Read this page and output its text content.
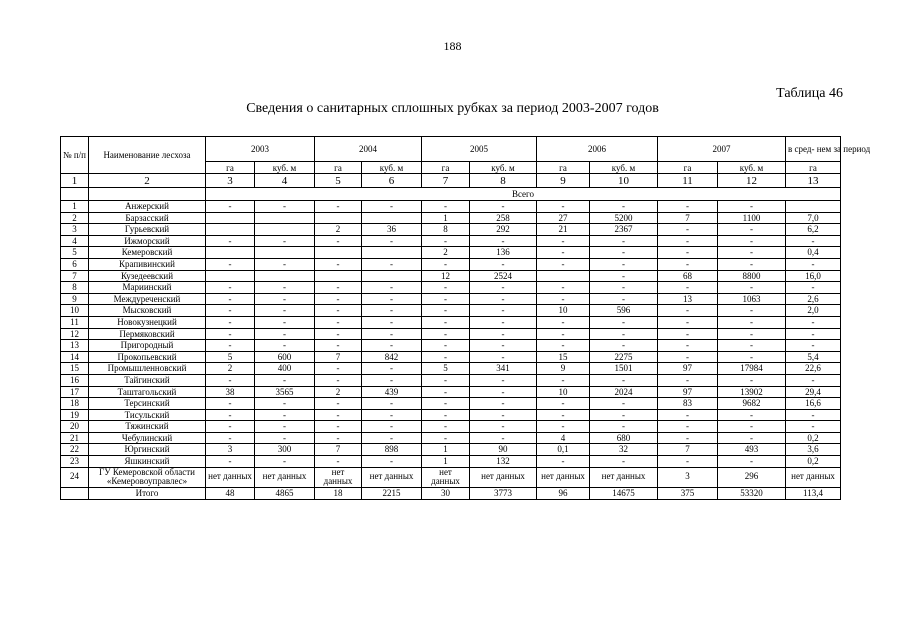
188
Таблица 46
Сведения о санитарных сплошных рубках за период 2003-2007 годов
№ п/п	Наименование лесхоза	2003		2004		2005		2006		2007		в сред- нем за период
		га	куб. м	га	куб. м	га	куб. м	га	куб. м	га	куб. м	га
1	2	3	4	5	6	7	8	9	10	11	12	13
		Всего										
1	Анжерский	-	-	-	-	-	-	-	-	-	-	
2	Барзасский					1	258	27	5200	7	1100	7,0
3	Гурьевский			2	36	8	292	21	2367	-	-	6,2
4	Ижморский	-	-	-	-	-	-	-	-	-	-	-
5	Кемеровский					2	136	-	-	-	-	0,4
6	Крапивинский	-	-	-	-	-	-	-	-	-	-	-
7	Кузедеевский					12	2524		-	68	8800	16,0
8	Мариинский	-	-	-	-	-	-	-	-	-	-	-
9	Междуреченский	-	-	-	-	-	-	-	-	13	1063	2,6
10	Мысковский	-	-	-	-	-	-	10	596	-	-	2,0
11	Новокузнецкий	-	-	-	-	-	-	-	-	-	-	-
12	Пермяковский	-	-	-	-	-	-	-	-	-	-	-
13	Пригородный	-	-	-	-	-	-	-	-	-	-	-
14	Прокопьевский	5	600	7	842	-	-	15	2275	-	-	5,4
15	Промышленновский	2	400	-	-	5	341	9	1501	97	17984	22,6
16	Тайгинский	-	-	-	-	-	-	-	-	-	-	-
17	Таштагольский	38	3565	2	439	-	-	10	2024	97	13902	29,4
18	Терсинский	-	-	-	-	-	-	-	-	83	9682	16,6
19	Тисульский	-	-	-	-	-	-	-	-	-	-	-
20	Тяжинский	-	-	-	-	-	-	-	-	-	-	-
21	Чебулинский	-	-	-	-	-	-	4	680	-	-	0,2
22	Юргинский	3	300	7	898	1	90	0,1	32	7	493	3,6
23	Яшкинский	-	-	-	-	1	132	-	-	-	-	0,2
24	ГУ Кемеровской области «Кемеровоуправлес»	нет данных	нет данных	нет данных	нет данных	нет данных	нет данных	нет данных	нет данных	3	296	нет данных
	Итого	48	4865	18	2215	30	3773	96	14675	375	53320	113,4
